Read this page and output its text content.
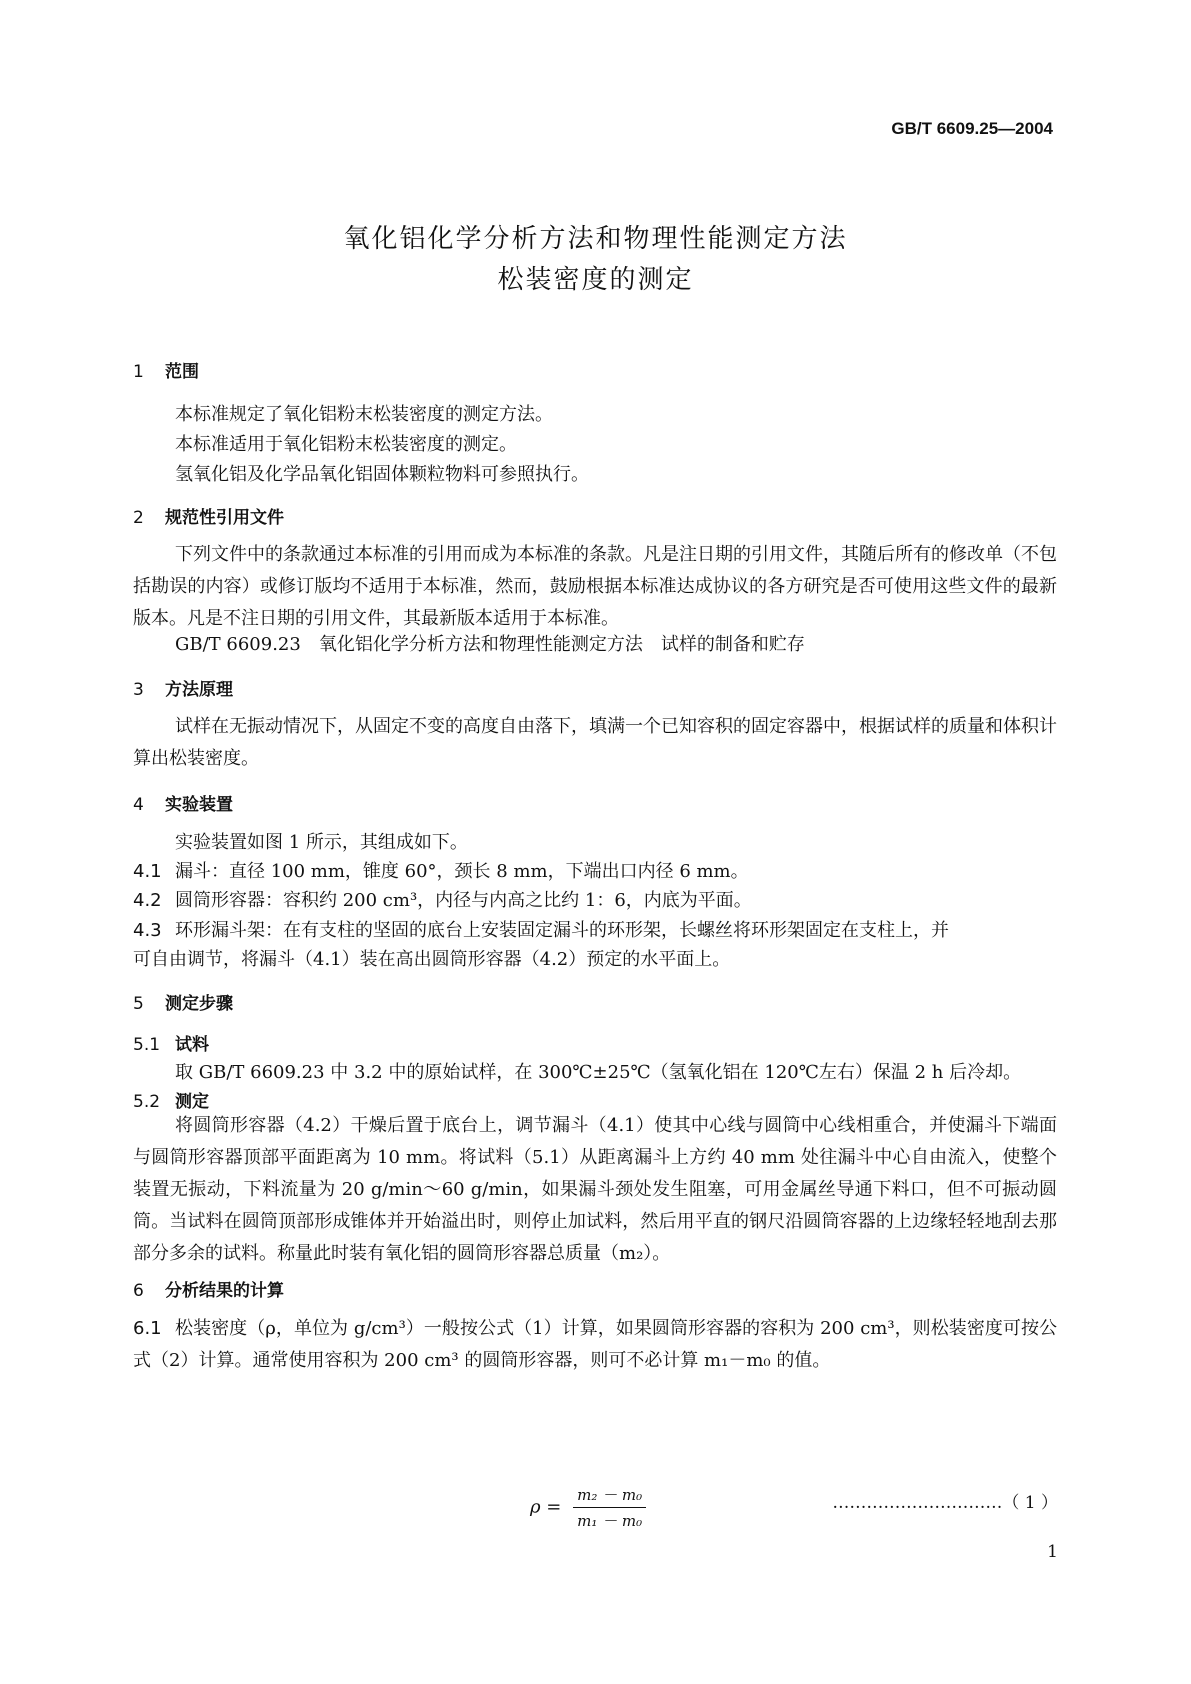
GB/T 6609.25—2004
氧化铝化学分析方法和物理性能测定方法
松装密度的测定
1 范围
本标准规定了氧化铝粉末松装密度的测定方法。
本标准适用于氧化铝粉末松装密度的测定。
氢氧化铝及化学品氧化铝固体颗粒物料可参照执行。
2 规范性引用文件
下列文件中的条款通过本标准的引用而成为本标准的条款。凡是注日期的引用文件，其随后所有的修改单（不包括勘误的内容）或修订版均不适用于本标准，然而，鼓励根据本标准达成协议的各方研究是否可使用这些文件的最新版本。凡是不注日期的引用文件，其最新版本适用于本标准。
GB/T 6609.23　氧化铝化学分析方法和物理性能测定方法　试样的制备和贮存
3 方法原理
试样在无振动情况下，从固定不变的高度自由落下，填满一个已知容积的固定容器中，根据试样的质量和体积计算出松装密度。
4 实验装置
实验装置如图 1 所示，其组成如下。
4.1 漏斗：直径 100 mm，锥度 60°，颈长 8 mm，下端出口内径 6 mm。
4.2 圆筒形容器：容积约 200 cm³，内径与内高之比约 1：6，内底为平面。
4.3 环形漏斗架：在有支柱的坚固的底台上安装固定漏斗的环形架，长螺丝将环形架固定在支柱上，并
可自由调节，将漏斗（4.1）装在高出圆筒形容器（4.2）预定的水平面上。
5 测定步骤
5.1 试料
取 GB/T 6609.23 中 3.2 中的原始试样，在 300℃±25℃（氢氧化铝在 120℃左右）保温 2 h 后冷却。
5.2 测定
将圆筒形容器（4.2）干燥后置于底台上，调节漏斗（4.1）使其中心线与圆筒中心线相重合，并使漏斗下端面与圆筒形容器顶部平面距离为 10 mm。将试料（5.1）从距离漏斗上方约 40 mm 处往漏斗中心自由流入，使整个装置无振动，下料流量为 20 g/min～60 g/min，如果漏斗颈处发生阻塞，可用金属丝导通下料口，但不可振动圆筒。当试料在圆筒顶部形成锥体并开始溢出时，则停止加试料，然后用平直的钢尺沿圆筒容器的上边缘轻轻地刮去那部分多余的试料。称量此时装有氧化铝的圆筒形容器总质量（m₂）。
6 分析结果的计算
6.1 松装密度（ρ，单位为 g/cm³）一般按公式（1）计算，如果圆筒形容器的容积为 200 cm³，则松装密度可按公式（2）计算。通常使用容积为 200 cm³ 的圆筒形容器，则可不必计算 m₁－m₀ 的值。
$\rho = \frac{\text{m₂ － m₀}}{\text{m₁ － m₀}}$	…………………………（ 1 ）
1
